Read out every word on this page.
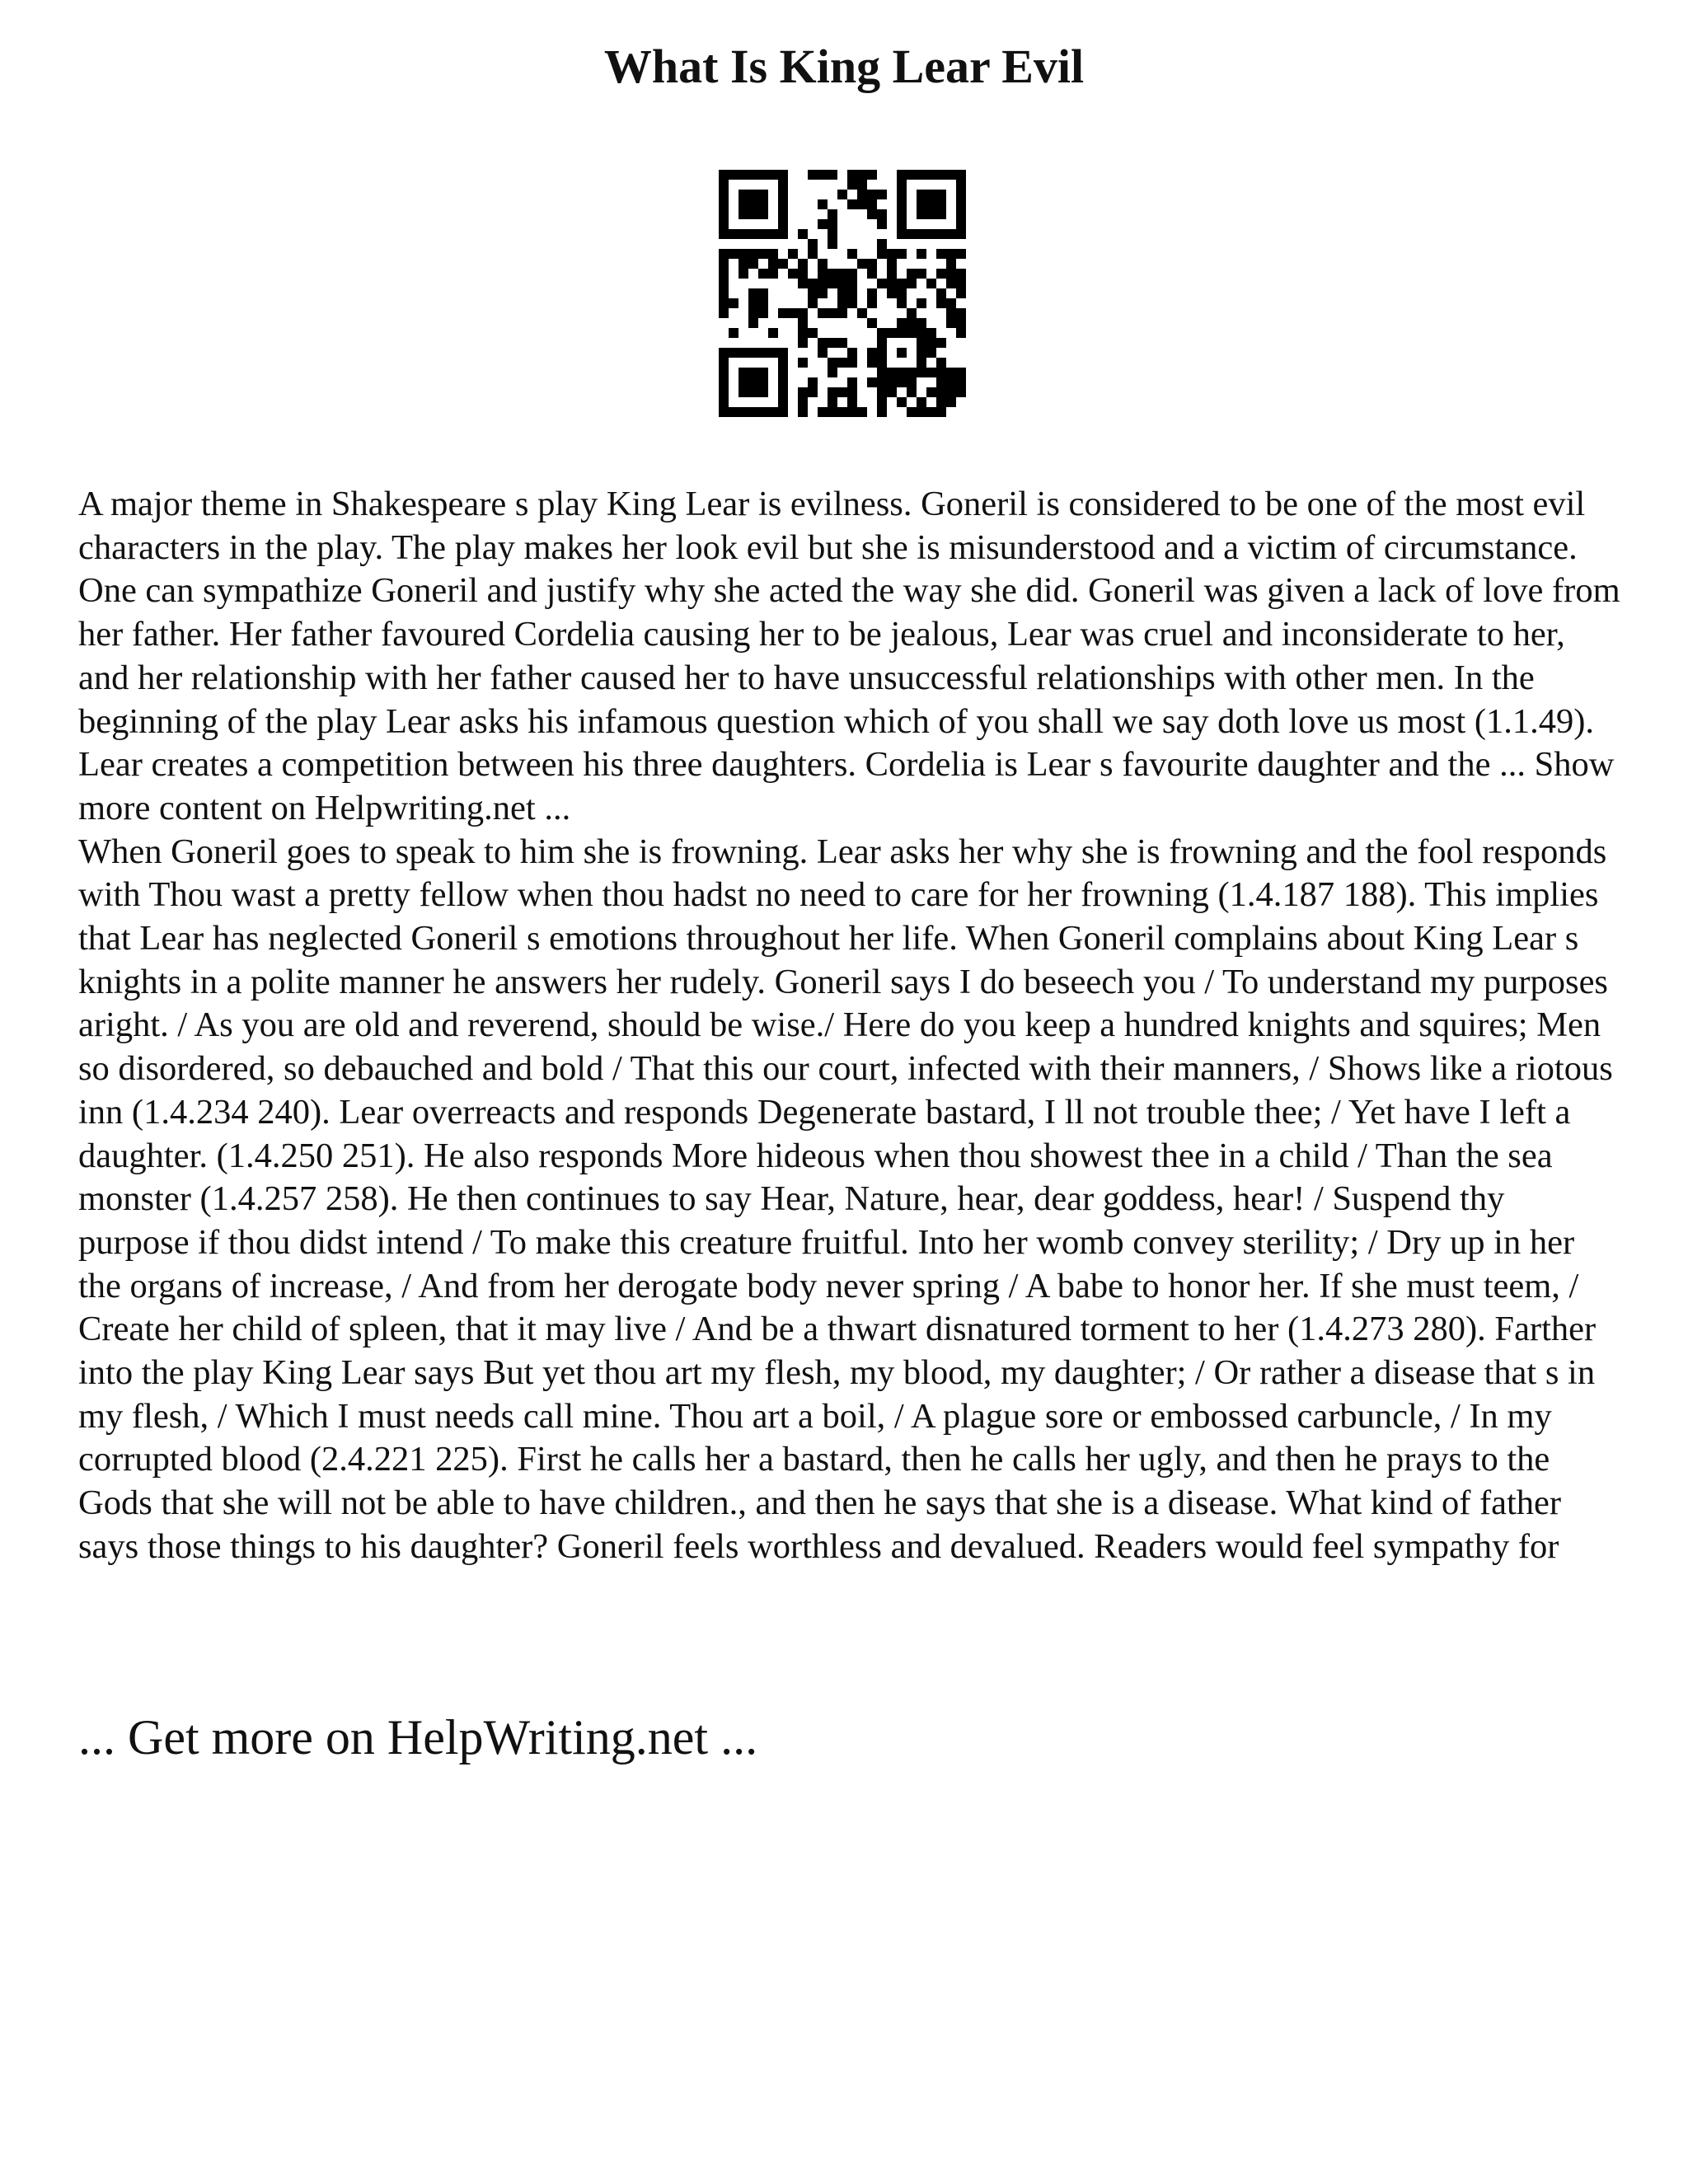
What Is King Lear Evil

A major theme in Shakespeare s play King Lear is evilness. Goneril is considered to be one of the most evil characters in the play. The play makes her look evil but she is misunderstood and a victim of circumstance. One can sympathize Goneril and justify why she acted the way she did. Goneril was given a lack of love from her father. Her father favoured Cordelia causing her to be jealous, Lear was cruel and inconsiderate to her, and her relationship with her father caused her to have unsuccessful relationships with other men. In the beginning of the play Lear asks his infamous question which of you shall we say doth love us most (1.1.49). Lear creates a competition between his three daughters. Cordelia is Lear s favourite daughter and the ... Show more content on Helpwriting.net ...

When Goneril goes to speak to him she is frowning. Lear asks her why she is frowning and the fool responds with Thou wast a pretty fellow when thou hadst no need to care for her frowning (1.4.187 188). This implies that Lear has neglected Goneril s emotions throughout her life. When Goneril complains about King Lear s knights in a polite manner he answers her rudely. Goneril says I do beseech you / To understand my purposes aright. / As you are old and reverend, should be wise./ Here do you keep a hundred knights and squires; Men so disordered, so debauched and bold / That this our court, infected with their manners, / Shows like a riotous inn (1.4.234 240). Lear overreacts and responds Degenerate bastard, I ll not trouble thee; / Yet have I left a daughter. (1.4.250 251). He also responds More hideous when thou showest thee in a child / Than the sea monster (1.4.257 258). He then continues to say Hear, Nature, hear, dear goddess, hear! / Suspend thy purpose if thou didst intend / To make this creature fruitful. Into her womb convey sterility; / Dry up in her the organs of increase, / And from her derogate body never spring / A babe to honor her. If she must teem, / Create her child of spleen, that it may live / And be a thwart disnatured torment to her (1.4.273 280). Farther into the play King Lear says But yet thou art my flesh, my blood, my daughter; / Or rather a disease that s in my flesh, / Which I must needs call mine. Thou art a boil, / A plague sore or embossed carbuncle, / In my corrupted blood (2.4.221 225). First he calls her a bastard, then he calls her ugly, and then he prays to the Gods that she will not be able to have children., and then he says that she is a disease. What kind of father says those things to his daughter? Goneril feels worthless and devalued. Readers would feel sympathy for

... Get more on HelpWriting.net ...
